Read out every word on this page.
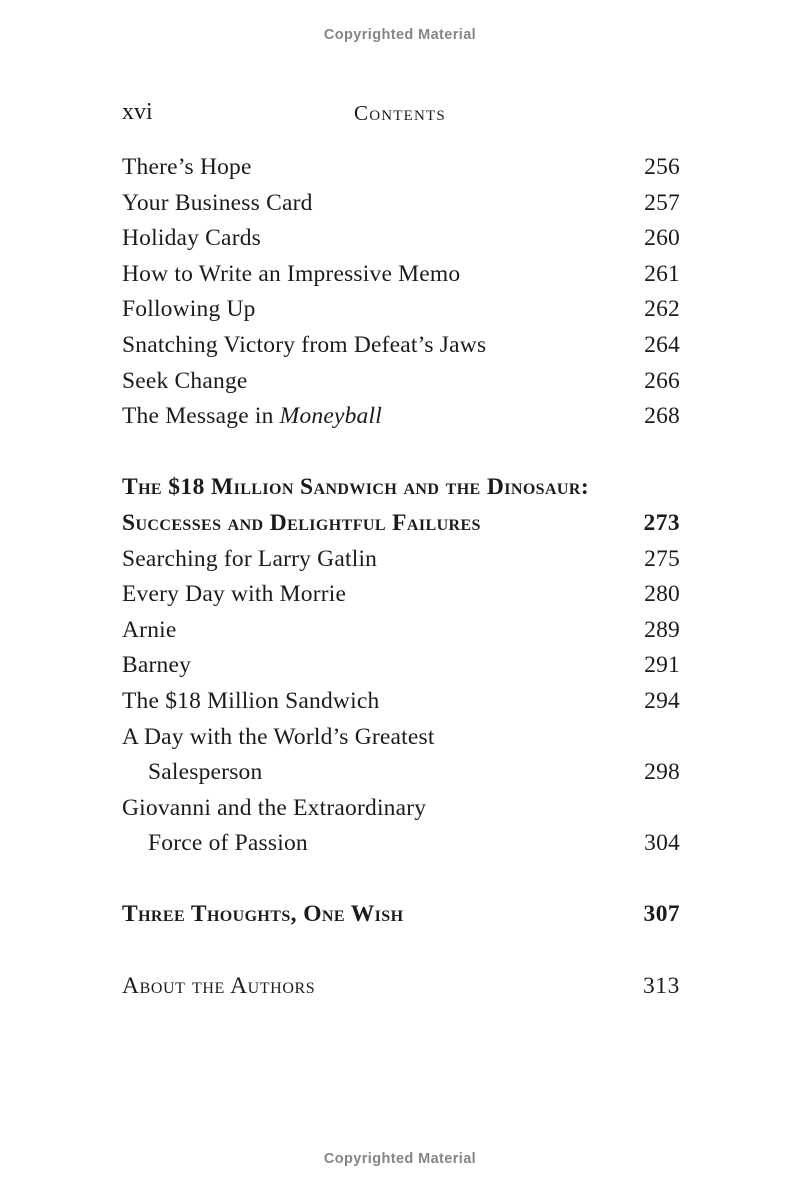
Copyrighted Material
xvi	Contents
There’s Hope	256
Your Business Card	257
Holiday Cards	260
How to Write an Impressive Memo	261
Following Up	262
Snatching Victory from Defeat’s Jaws	264
Seek Change	266
The Message in Moneyball	268
The $18 Million Sandwich and the Dinosaur:
Successes and Delightful Failures	273
Searching for Larry Gatlin	275
Every Day with Morrie	280
Arnie	289
Barney	291
The $18 Million Sandwich	294
A Day with the World’s Greatest
Salesperson	298
Giovanni and the Extraordinary
Force of Passion	304
Three Thoughts, One Wish	307
About the Authors	313
Copyrighted Material
